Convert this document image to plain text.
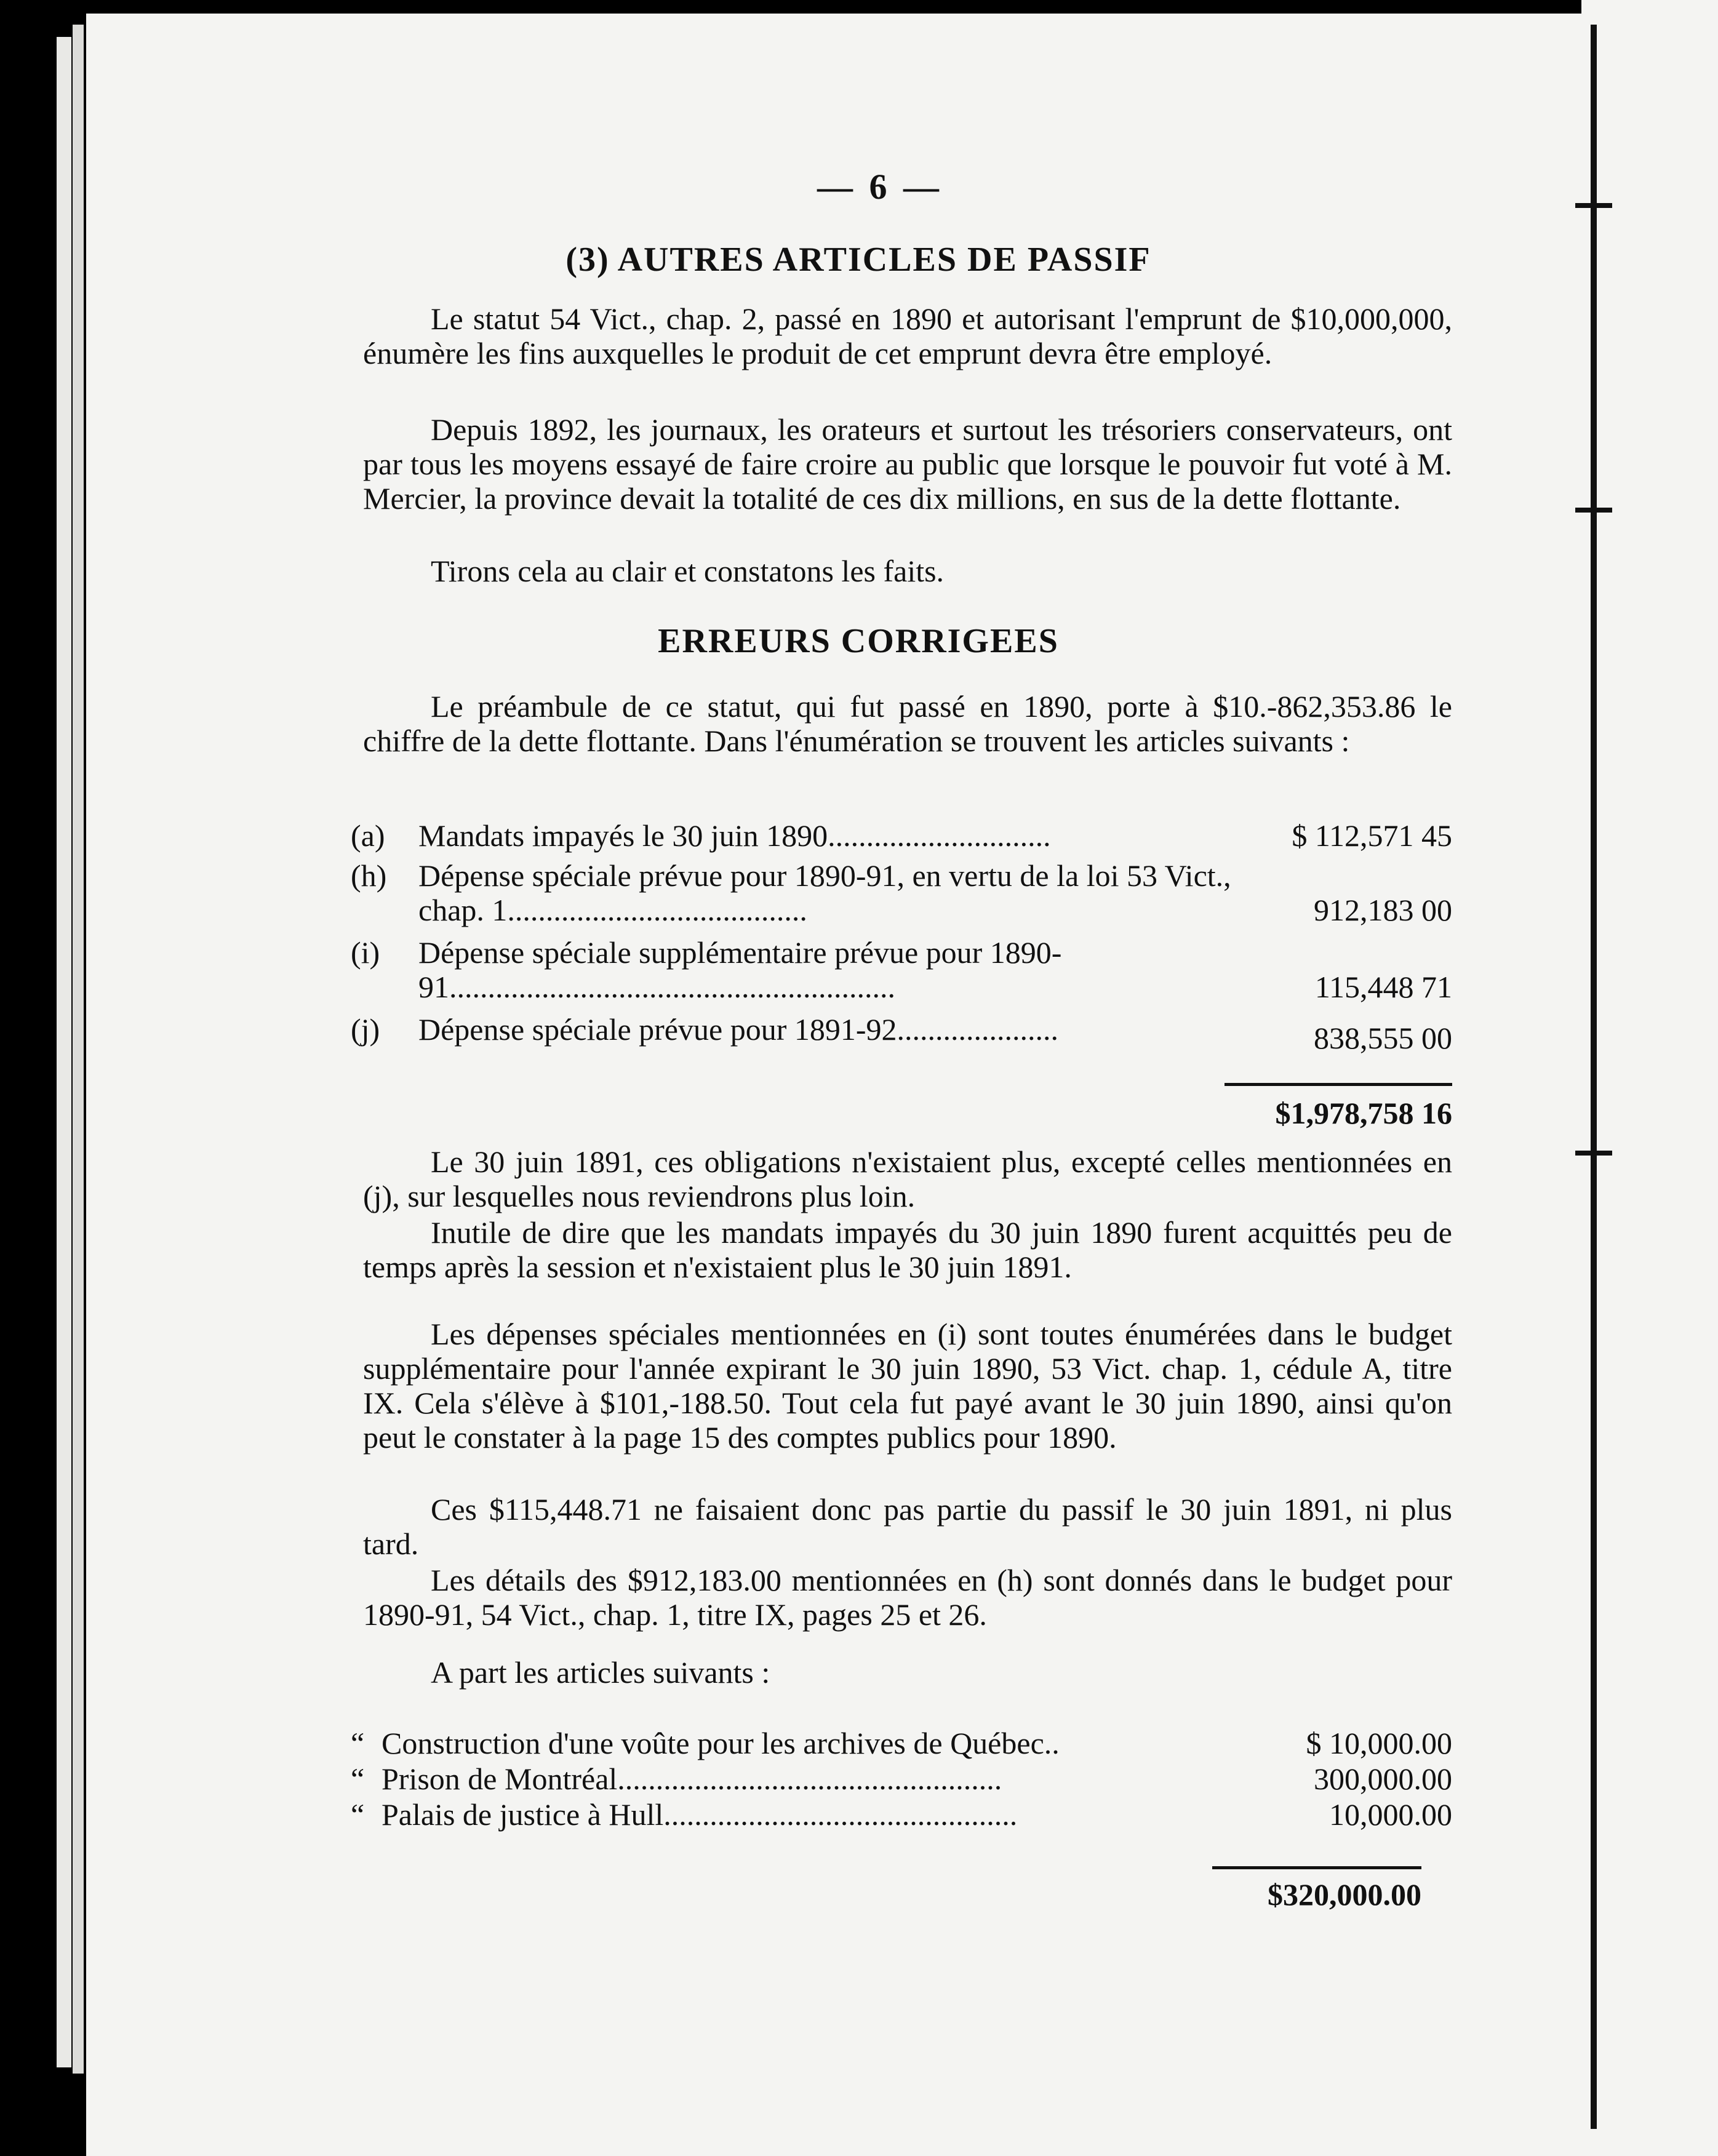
— 6 —
(3) AUTRES ARTICLES DE PASSIF

Le statut 54 Vict., chap. 2, passé en 1890 et autorisant l'emprunt de $10,000,000, énumère les fins auxquelles le produit de cet emprunt devra être employé.

Depuis 1892, les journaux, les orateurs et surtout les trésoriers conservateurs, ont par tous les moyens essayé de faire croire au public que lorsque le pouvoir fut voté à M. Mercier, la province devait la totalité de ces dix millions, en sus de la dette flottante.

Tirons cela au clair et constatons les faits.

ERREURS CORRIGEES

Le préambule de ce statut, qui fut passé en 1890, porte à $10.-862,353.86 le chiffre de la dette flottante. Dans l'énumération se trouvent les articles suivants :

(a)	Mandats impayés le 30 juin 1890.............................	$ 112,571 45
(h)	Dépense spéciale prévue pour 1890-91, en vertu de la loi 53 Vict., chap. 1.......................................	912,183 00
(i)	Dépense spéciale supplémentaire prévue pour 1890-91..........................................................	115,448 71
(j)	Dépense spéciale prévue pour 1891-92.....................	838,555 00
$1,978,758 16

Le 30 juin 1891, ces obligations n'existaient plus, excepté celles mentionnées en (j), sur lesquelles nous reviendrons plus loin.

Inutile de dire que les mandats impayés du 30 juin 1890 furent acquittés peu de temps après la session et n'existaient plus le 30 juin 1891.

Les dépenses spéciales mentionnées en (i) sont toutes énumérées dans le budget supplémentaire pour l'année expirant le 30 juin 1890, 53 Vict. chap. 1, cédule A, titre IX. Cela s'élève à $101,-188.50. Tout cela fut payé avant le 30 juin 1890, ainsi qu'on peut le constater à la page 15 des comptes publics pour 1890.

Ces $115,448.71 ne faisaient donc pas partie du passif le 30 juin 1891, ni plus tard.

Les détails des $912,183.00 mentionnées en (h) sont donnés dans le budget pour 1890-91, 54 Vict., chap. 1, titre IX, pages 25 et 26.

A part les articles suivants :

“ Construction d'une voûte pour les archives de Québec..	$ 10,000.00
“ Prison de Montréal..................................................	300,000.00
“ Palais de justice à Hull..............................................	10,000.00
$320,000.00
